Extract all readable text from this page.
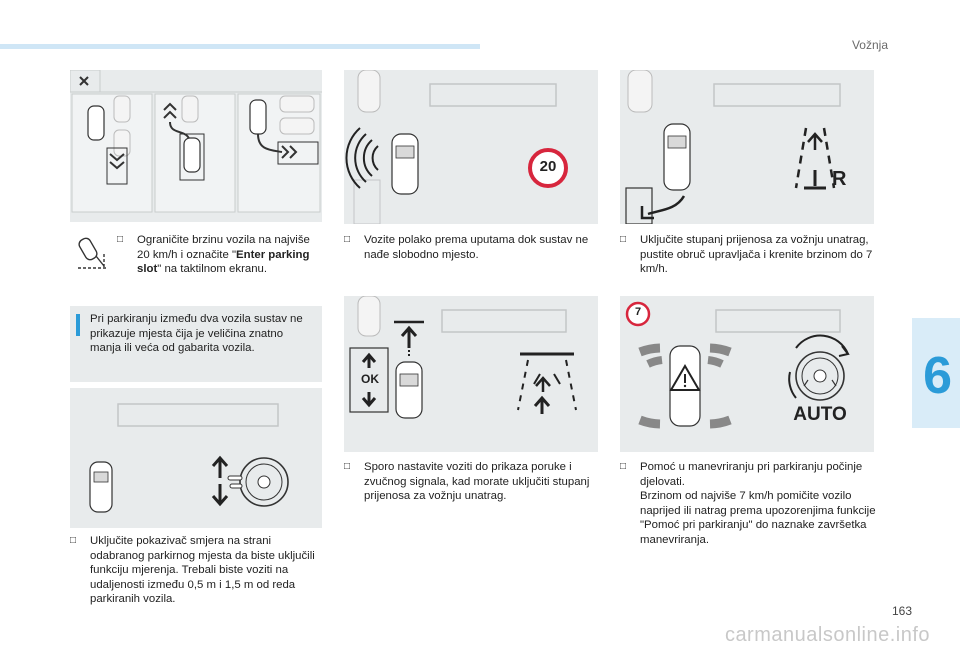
Vožnja
6
163
carmanualsonline.info
□ Ograničite brzinu vozila na najviše 20 km/h i označite "Enter parking slot" na taktilnom ekranu.
Pri parkiranju između dva vozila sustav ne prikazuje mjesta čija je veličina znatno manja ili veća od gabarita vozila.
□ Uključite pokazivač smjera na strani odabranog parkirnog mjesta da biste uključili funkciju mjerenja. Trebali biste voziti na udaljenosti između 0,5 m i 1,5 m od reda parkiranih vozila.
20
□ Vozite polako prema uputama dok sustav ne nađe slobodno mjesto.
OK
□ Sporo nastavite voziti do prikaza poruke i zvučnog signala, kad morate uključiti stupanj prijenosa za vožnju unatrag.
R
□ Uključite stupanj prijenosa za vožnju unatrag, pustite obruč upravljača i krenite brzinom do 7 km/h.
7
AUTO
□ Pomoć u manevriranju pri parkiranju počinje djelovati.
Brzinom od najviše 7 km/h pomičite vozilo naprijed ili natrag prema upozorenjima funkcije "Pomoć pri parkiranju" do naznake završetka manevriranja.
